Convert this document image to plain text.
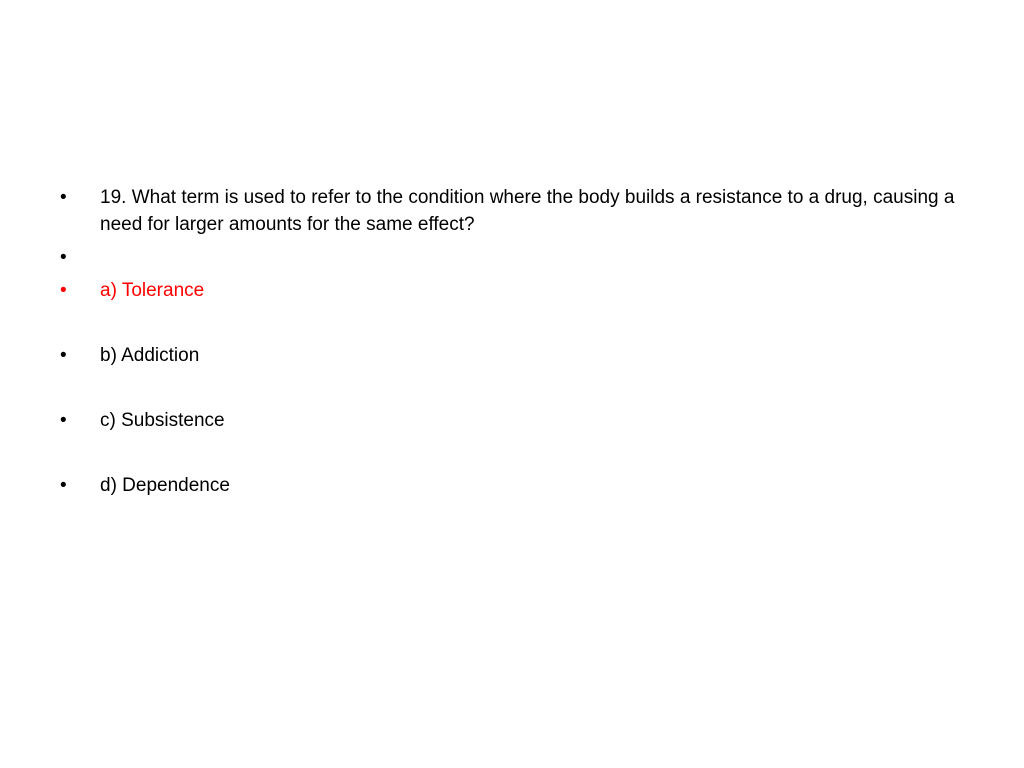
•	19. What term is used to refer to the condition where the body builds a resistance to a drug, causing a need for larger amounts for the same effect?
•
•	a) Tolerance
•	b) Addiction
•	c) Subsistence
•	d) Dependence
